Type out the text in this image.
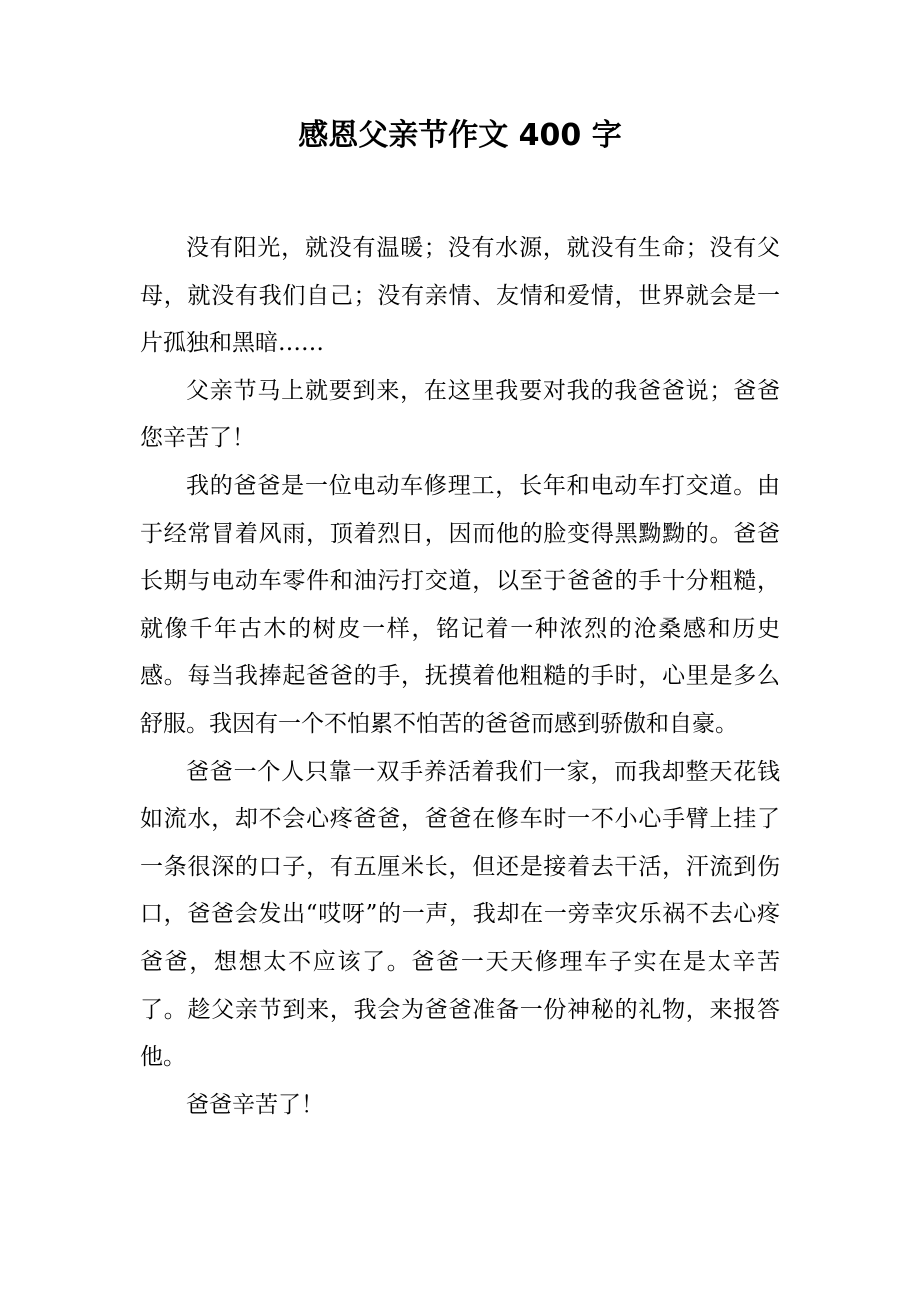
感恩父亲节作文 400 字

没有阳光，就没有温暖；没有水源，就没有生命；没有父母，就没有我们自己；没有亲情、友情和爱情，世界就会是一片孤独和黑暗……

父亲节马上就要到来，在这里我要对我的我爸爸说；爸爸您辛苦了！

我的爸爸是一位电动车修理工，长年和电动车打交道。由于经常冒着风雨，顶着烈日，因而他的脸变得黑黝黝的。爸爸长期与电动车零件和油污打交道，以至于爸爸的手十分粗糙，就像千年古木的树皮一样，铭记着一种浓烈的沧桑感和历史感。每当我捧起爸爸的手，抚摸着他粗糙的手时，心里是多么舒服。我因有一个不怕累不怕苦的爸爸而感到骄傲和自豪。

爸爸一个人只靠一双手养活着我们一家，而我却整天花钱如流水，却不会心疼爸爸，爸爸在修车时一不小心手臂上挂了一条很深的口子，有五厘米长，但还是接着去干活，汗流到伤口，爸爸会发出“哎呀”的一声，我却在一旁幸灾乐祸不去心疼爸爸，想想太不应该了。爸爸一天天修理车子实在是太辛苦了。趁父亲节到来，我会为爸爸准备一份神秘的礼物，来报答他。

爸爸辛苦了！
